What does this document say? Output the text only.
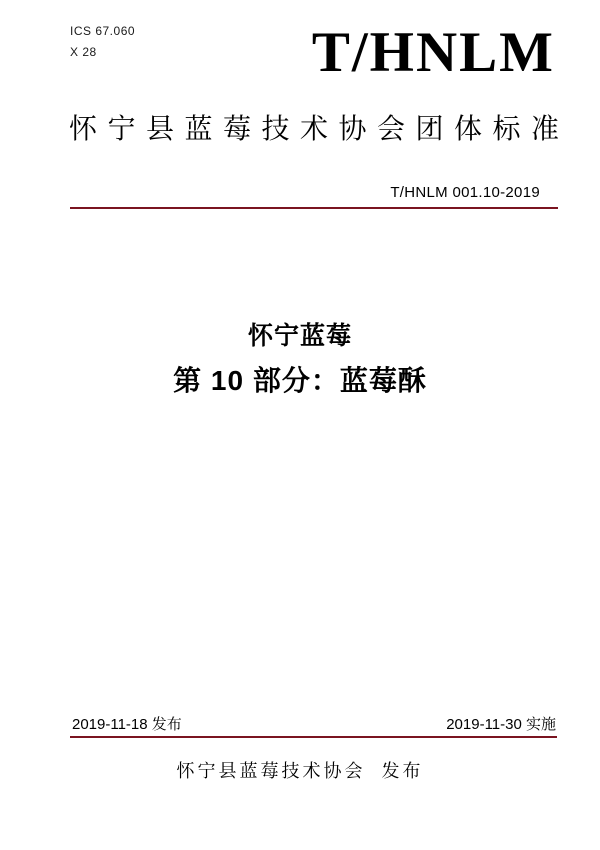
ICS 67.060
X 28	T/HNLM
怀宁县蓝莓技术协会团体标准
T/HNLM 001.10-2019
怀宁蓝莓
第 10 部分：蓝莓酥
2019-11-18 发布	2019-11-30 实施
怀宁县蓝莓技术协会  发布
